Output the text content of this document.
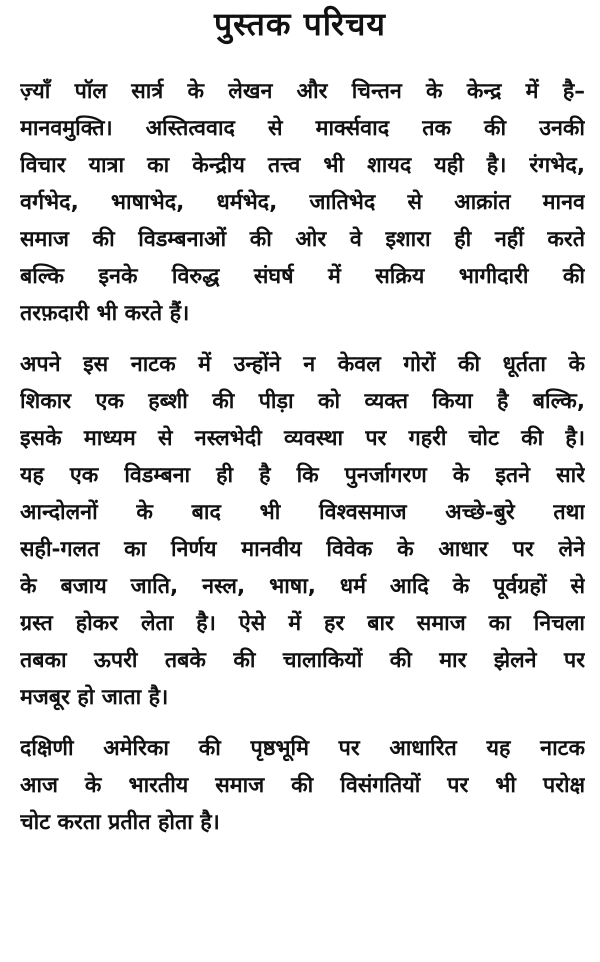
पुस्तक परिचय

ज़्याँ पॉल सार्त्र के लेखन और चिन्तन के केन्द्र में है–
मानवमुक्ति। अस्तित्ववाद से मार्क्सवाद तक की उनकी
विचार यात्रा का केन्द्रीय तत्त्व भी शायद यही है। रंगभेद,
वर्गभेद, भाषाभेद, धर्मभेद, जातिभेद से आक्रांत मानव
समाज की विडम्बनाओं की ओर वे इशारा ही नहीं करते
बल्कि इनके विरुद्ध संघर्ष में सक्रिय भागीदारी की
तरफ़दारी भी करते हैं।

अपने इस नाटक में उन्होंने न केवल गोरों की धूर्तता के
शिकार एक हब्शी की पीड़ा को व्यक्त किया है बल्कि,
इसके माध्यम से नस्लभेदी व्यवस्था पर गहरी चोट की है।
यह एक विडम्बना ही है कि पुनर्जागरण के इतने सारे
आन्दोलनों के बाद भी विश्वसमाज अच्छे-बुरे तथा
सही-गलत का निर्णय मानवीय विवेक के आधार पर लेने
के बजाय जाति, नस्ल, भाषा, धर्म आदि के पूर्वग्रहों से
ग्रस्त होकर लेता है। ऐसे में हर बार समाज का निचला
तबका ऊपरी तबके की चालाकियों की मार झेलने पर
मजबूर हो जाता है।

दक्षिणी अमेरिका की पृष्ठभूमि पर आधारित यह नाटक
आज के भारतीय समाज की विसंगतियों पर भी परोक्ष
चोट करता प्रतीत होता है।
